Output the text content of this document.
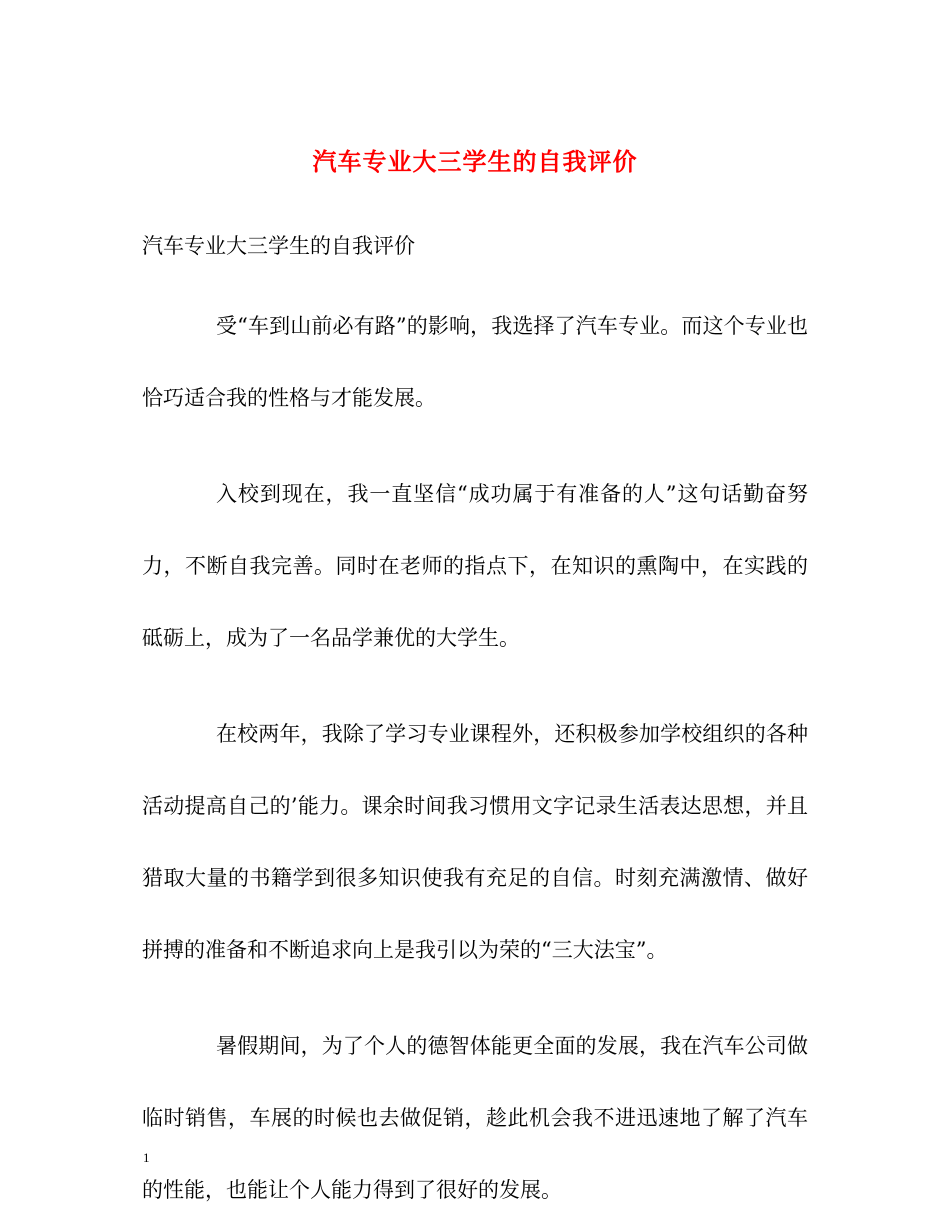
汽车专业大三学生的自我评价

汽车专业大三学生的自我评价

受“车到山前必有路”的影响，我选择了汽车专业。而这个专业也恰巧适合我的性格与才能发展。

入校到现在，我一直坚信“成功属于有准备的人”这句话勤奋努力，不断自我完善。同时在老师的指点下，在知识的熏陶中，在实践的砥砺上，成为了一名品学兼优的大学生。

在校两年，我除了学习专业课程外，还积极参加学校组织的各种活动提高自己的’能力。课余时间我习惯用文字记录生活表达思想，并且猎取大量的书籍学到很多知识使我有充足的自信。时刻充满激情、做好拼搏的准备和不断追求向上是我引以为荣的“三大法宝”。

暑假期间，为了个人的德智体能更全面的发展，我在汽车公司做临时销售，车展的时候也去做促销，趁此机会我不进迅速地了解了汽车的性能，也能让个人能力得到了很好的发展。

1
